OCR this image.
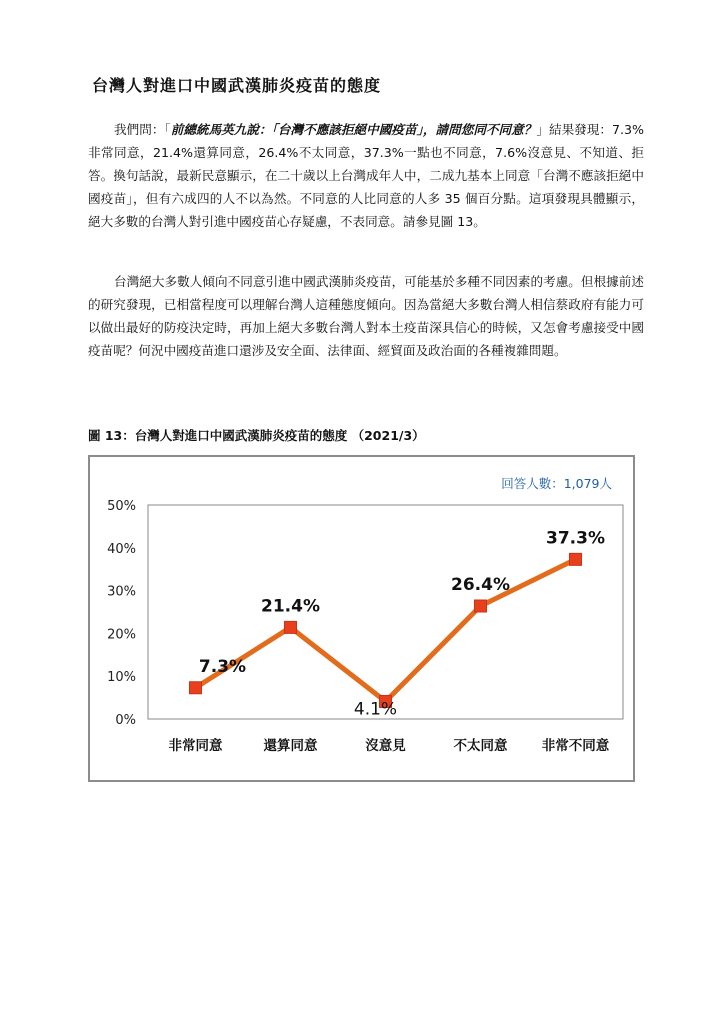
台灣人對進口中國武漢肺炎疫苗的態度
我們問：「前總統馬英九說：「台灣不應該拒絕中國疫苗」，請問您同不同意？」結果發現：7.3%非常同意，21.4%還算同意，26.4%不太同意，37.3%一點也不同意，7.6%沒意見、不知道、拒答。換句話說，最新民意顯示，在二十歲以上台灣成年人中，二成九基本上同意「台灣不應該拒絕中國疫苗」，但有六成四的人不以為然。不同意的人比同意的人多 35 個百分點。這項發現具體顯示，絕大多數的台灣人對引進中國疫苗心存疑慮，不表同意。請參見圖 13。
台灣絕大多數人傾向不同意引進中國武漢肺炎疫苗，可能基於多種不同因素的考慮。但根據前述的研究發現，已相當程度可以理解台灣人這種態度傾向。因為當絕大多數台灣人相信蔡政府有能力可以做出最好的防疫決定時，再加上絕大多數台灣人對本土疫苗深具信心的時候，又怎會考慮接受中國疫苗呢？何況中國疫苗進口還涉及安全面、法律面、經貿面及政治面的各種複雜問題。
圖 13：台灣人對進口中國武漢肺炎疫苗的態度 （2021/3）
回答人數：1,079人
0%
10%
20%
30%
40%
50%
非常同意	還算同意	沒意見	不太同意	非常不同意
7.3%
21.4%
4.1%
26.4%
37.3%
